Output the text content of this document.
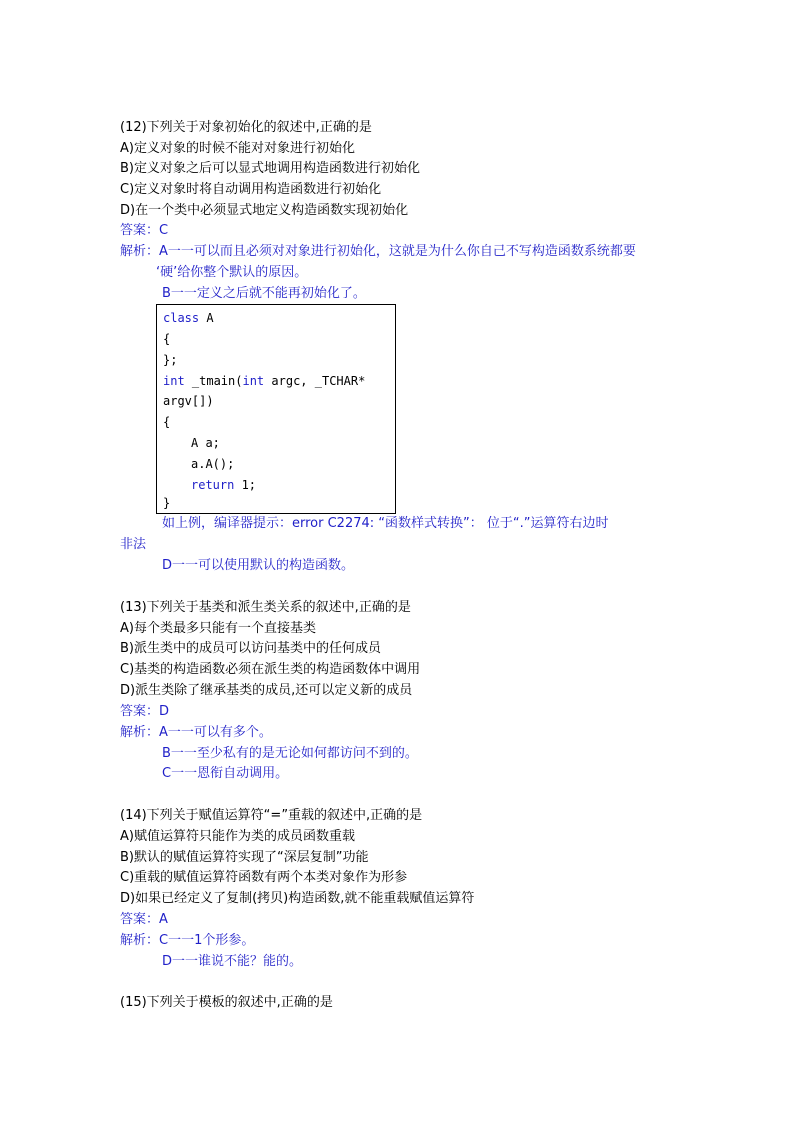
(12)下列关于对象初始化的叙述中,正确的是
A)定义对象的时候不能对对象进行初始化
B)定义对象之后可以显式地调用构造函数进行初始化
C)定义对象时将自动调用构造函数进行初始化
D)在一个类中必须显式地定义构造函数实现初始化
答案：C
解析：A一一可以而且必须对对象进行初始化，这就是为什么你自己不写构造函数系统都要
‘硬’给你整个默认的原因。
B一一定义之后就不能再初始化了。
class A
{
};
int _tmain(int argc, _TCHAR*
argv[])
{
A a;
a.A();
return 1;
}
如上例，编译器提示：error C2274: “函数样式转换”： 位于“.”运算符右边时
非法
D一一可以使用默认的构造函数。
(13)下列关于基类和派生类关系的叙述中,正确的是
A)每个类最多只能有一个直接基类
B)派生类中的成员可以访问基类中的任何成员
C)基类的构造函数必须在派生类的构造函数体中调用
D)派生类除了继承基类的成员,还可以定义新的成员
答案：D
解析：A一一可以有多个。
B一一至少私有的是无论如何都访问不到的。
C一一恩衔自动调用。
(14)下列关于赋值运算符“=”重载的叙述中,正确的是
A)赋值运算符只能作为类的成员函数重载
B)默认的赋值运算符实现了“深层复制”功能
C)重载的赋值运算符函数有两个本类对象作为形参
D)如果已经定义了复制(拷贝)构造函数,就不能重载赋值运算符
答案：A
解析：C一一1个形参。
D一一谁说不能？能的。
(15)下列关于模板的叙述中,正确的是
